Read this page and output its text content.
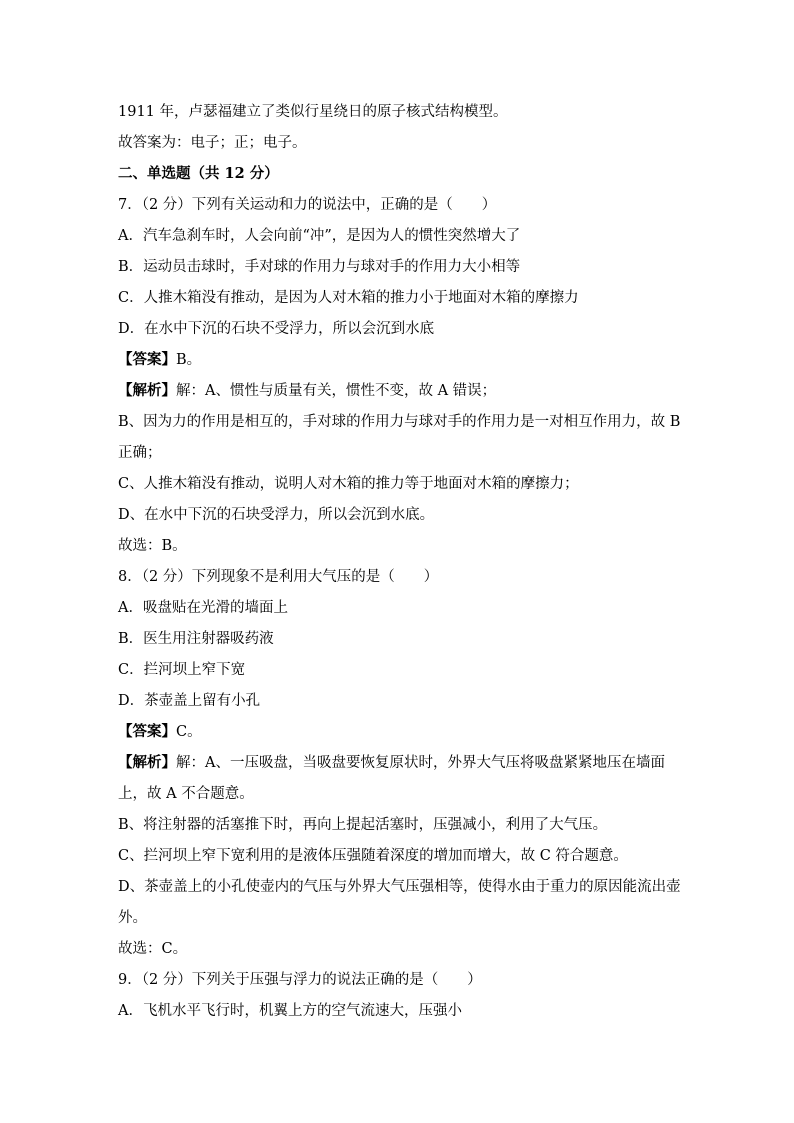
1911 年，卢瑟福建立了类似行星绕日的原子核式结构模型。
故答案为：电子；正；电子。
二、单选题（共 12 分）
7．（2 分）下列有关运动和力的说法中，正确的是（　　）
A．汽车急刹车时，人会向前“冲”，是因为人的惯性突然增大了
B．运动员击球时，手对球的作用力与球对手的作用力大小相等
C．人推木箱没有推动，是因为人对木箱的推力小于地面对木箱的摩擦力
D．在水中下沉的石块不受浮力，所以会沉到水底
【答案】B。
【解析】解：A、惯性与质量有关，惯性不变，故 A 错误；
B、因为力的作用是相互的，手对球的作用力与球对手的作用力是一对相互作用力，故 B
正确；
C、人推木箱没有推动，说明人对木箱的推力等于地面对木箱的摩擦力；
D、在水中下沉的石块受浮力，所以会沉到水底。
故选：B。
8．（2 分）下列现象不是利用大气压的是（　　）
A．吸盘贴在光滑的墙面上
B．医生用注射器吸药液
C．拦河坝上窄下宽
D．茶壶盖上留有小孔
【答案】C。
【解析】解：A、一压吸盘，当吸盘要恢复原状时，外界大气压将吸盘紧紧地压在墙面
上，故 A 不合题意。
B、将注射器的活塞推下时，再向上提起活塞时，压强减小，利用了大气压。
C、拦河坝上窄下宽利用的是液体压强随着深度的增加而增大，故 C 符合题意。
D、茶壶盖上的小孔使壶内的气压与外界大气压强相等，使得水由于重力的原因能流出壶
外。
故选：C。
9．（2 分）下列关于压强与浮力的说法正确的是（　　）
A．飞机水平飞行时，机翼上方的空气流速大，压强小
